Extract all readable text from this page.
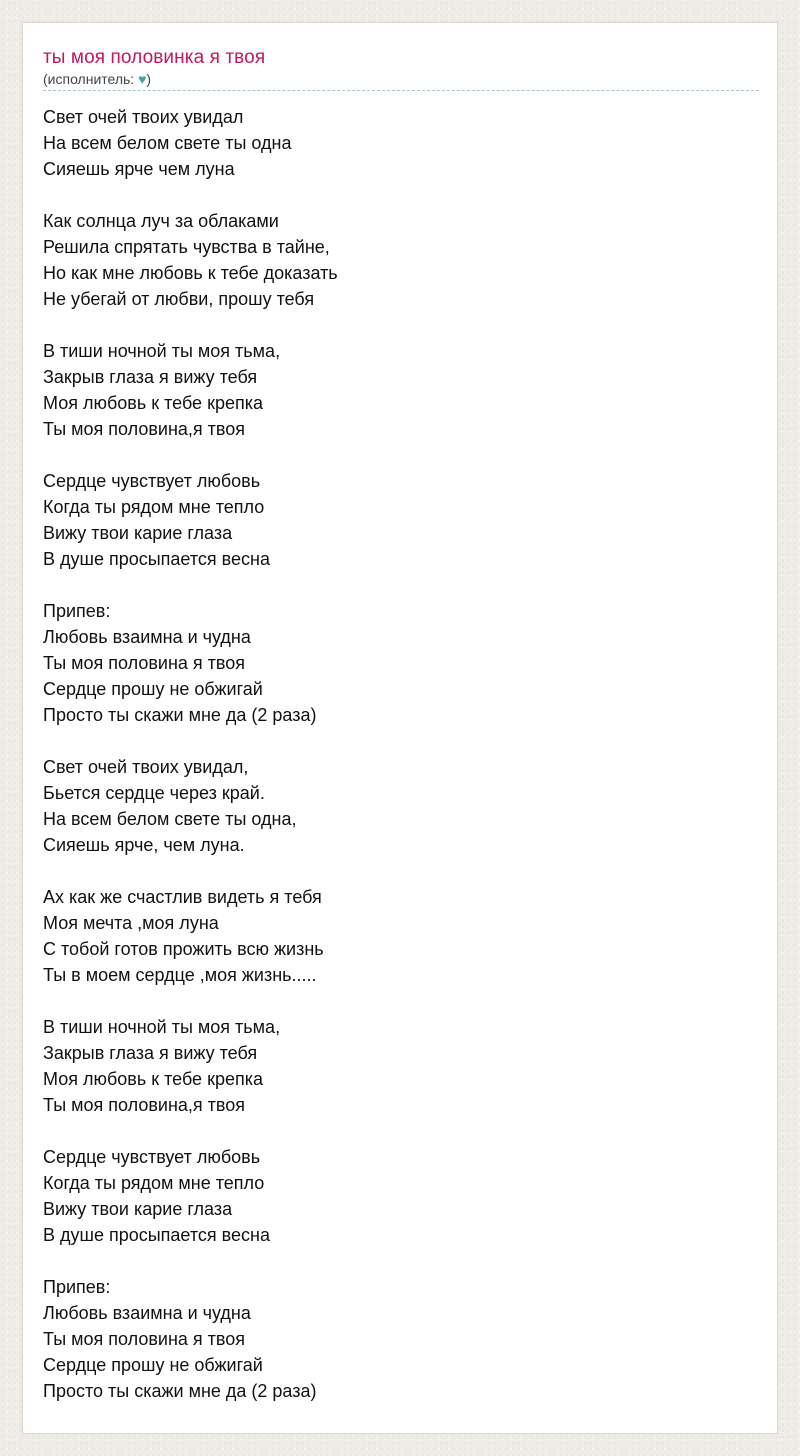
ты моя половинка я твоя
(исполнитель: ♥)
Свет очей твоих увидал
На всем белом свете ты одна
Сияешь ярче чем луна
Как солнца луч за облаками
Решила спрятать чувства в тайне,
Но как мне любовь к тебе доказать
Не убегай от любви, прошу тебя
В тиши ночной ты моя тьма,
Закрыв глаза я вижу тебя
Моя любовь к тебе крепка
Ты моя половина,я твоя
Сердце чувствует любовь
Когда ты рядом мне тепло
Вижу твои карие глаза
В душе просыпается весна
Припев:
Любовь взаимна и чудна
Ты моя половина я твоя
Сердце прошу не обжигай
Просто ты скажи мне да (2 раза)
Свет очей твоих увидал,
Бьется сердце через край.
На всем белом свете ты одна,
Сияешь ярче, чем луна.
Ах как же счастлив видеть я тебя
Моя мечта ,моя луна
С тобой готов прожить всю жизнь
Ты в моем сердце ,моя жизнь.....
В тиши ночной ты моя тьма,
Закрыв глаза я вижу тебя
Моя любовь к тебе крепка
Ты моя половина,я твоя
Сердце чувствует любовь
Когда ты рядом мне тепло
Вижу твои карие глаза
В душе просыпается весна
Припев:
Любовь взаимна и чудна
Ты моя половина я твоя
Сердце прошу не обжигай
Просто ты скажи мне да (2 раза)
